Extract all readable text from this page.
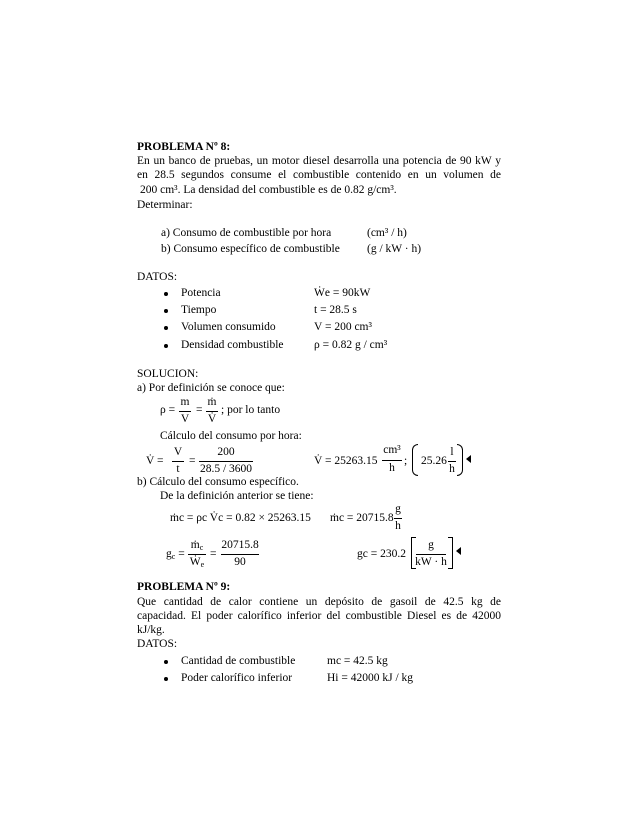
PROBLEMA Nº 8:
En un banco de pruebas, un motor diesel desarrolla una potencia de 90 kW y
en 28.5 segundos consume el combustible contenido en un volumen de
200 cm³. La densidad del combustible es de 0.82 g/cm³.
Determinar:
a) Consumo de combustible por hora	(cm³ / h)
b) Consumo específico de combustible (g / kW · h)
DATOS:
Potencia	Ẇe = 90kW
Tiempo	t = 28.5 s
Volumen consumido	V = 200 cm³
Densidad combustible	ρ = 0.82 g / cm³
SOLUCION:
a) Por definición se conoce que:
ρ =
m
V
=
ṁ
V̇
; por lo tanto
Cálculo del consumo por hora:
V̇ =
V
t
=
200
28.5 / 3600
V̇ = 25263.15
cm³
h
; 25.26
l
h
b) Cálculo del consumo específico.
De la definición anterior se tiene:
ṁc = ρc V̇c = 0.82 × 25263.15 ṁc = 20715.8
g
h
$g_c$ =
ṁ$_c$
Ẇ$_e$
=
20715.8
90
gc = 230.2
g
kW · h
PROBLEMA Nº 9:
Que cantidad de calor contiene un depósito de gasoil de 42.5 kg de
capacidad. El poder calorífico inferior del combustible Diesel es de 42000
kJ/kg.
DATOS:
Cantidad de combustible	mc = 42.5 kg
Poder calorífico inferior	Hi = 42000 kJ / kg
